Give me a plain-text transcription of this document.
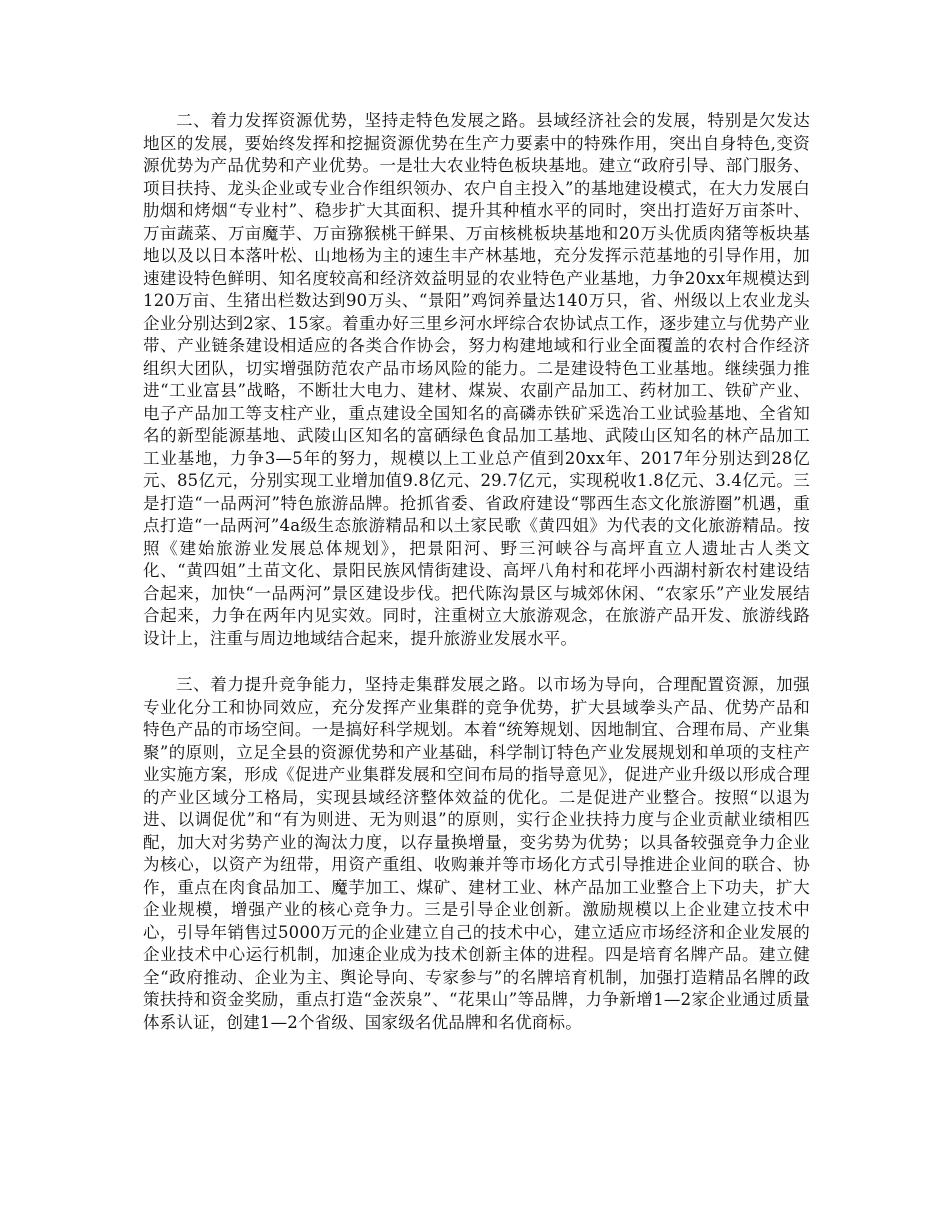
二、着力发挥资源优势，坚持走特色发展之路。县域经济社会的发展，特别是欠发达地区的发展，要始终发挥和挖掘资源优势在生产力要素中的特殊作用，突出自身特色,变资源优势为产品优势和产业优势。一是壮大农业特色板块基地。建立“政府引导、部门服务、项目扶持、龙头企业或专业合作组织领办、农户自主投入”的基地建设模式，在大力发展白肋烟和烤烟“专业村”、稳步扩大其面积、提升其种植水平的同时，突出打造好万亩茶叶、万亩蔬菜、万亩魔芋、万亩猕猴桃干鲜果、万亩核桃板块基地和20万头优质肉猪等板块基地以及以日本落叶松、山地杨为主的速生丰产林基地，充分发挥示范基地的引导作用，加速建设特色鲜明、知名度较高和经济效益明显的农业特色产业基地，力争20xx年规模达到120万亩、生猪出栏数达到90万头、“景阳”鸡饲养量达140万只，省、州级以上农业龙头企业分别达到2家、15家。着重办好三里乡河水坪综合农协试点工作，逐步建立与优势产业带、产业链条建设相适应的各类合作协会，努力构建地域和行业全面覆盖的农村合作经济组织大团队，切实增强防范农产品市场风险的能力。二是建设特色工业基地。继续强力推进“工业富县”战略，不断壮大电力、建材、煤炭、农副产品加工、药材加工、铁矿产业、电子产品加工等支柱产业，重点建设全国知名的高磷赤铁矿采选冶工业试验基地、全省知名的新型能源基地、武陵山区知名的富硒绿色食品加工基地、武陵山区知名的林产品加工工业基地，力争3—5年的努力，规模以上工业总产值到20xx年、2017年分别达到28亿元、85亿元，分别实现工业增加值9.8亿元、29.7亿元，实现税收1.8亿元、3.4亿元。三是打造“一品两河”特色旅游品牌。抢抓省委、省政府建设“鄂西生态文化旅游圈”机遇，重点打造“一品两河”4a级生态旅游精品和以土家民歌《黄四姐》为代表的文化旅游精品。按照《建始旅游业发展总体规划》，把景阳河、野三河峡谷与高坪直立人遗址古人类文化、“黄四姐”土苗文化、景阳民族风情街建设、高坪八角村和花坪小西湖村新农村建设结合起来，加快“一品两河”景区建设步伐。把代陈沟景区与城郊休闲、“农家乐”产业发展结合起来，力争在两年内见实效。同时，注重树立大旅游观念，在旅游产品开发、旅游线路设计上，注重与周边地域结合起来，提升旅游业发展水平。

三、着力提升竞争能力，坚持走集群发展之路。以市场为导向，合理配置资源，加强专业化分工和协同效应，充分发挥产业集群的竞争优势，扩大县域拳头产品、优势产品和特色产品的市场空间。一是搞好科学规划。本着“统筹规划、因地制宜、合理布局、产业集聚”的原则，立足全县的资源优势和产业基础，科学制订特色产业发展规划和单项的支柱产业实施方案，形成《促进产业集群发展和空间布局的指导意见》，促进产业升级以形成合理的产业区域分工格局，实现县域经济整体效益的优化。二是促进产业整合。按照“以退为进、以调促优”和“有为则进、无为则退”的原则，实行企业扶持力度与企业贡献业绩相匹配，加大对劣势产业的淘汰力度，以存量换增量，变劣势为优势；以具备较强竞争力企业为核心，以资产为纽带，用资产重组、收购兼并等市场化方式引导推进企业间的联合、协作，重点在肉食品加工、魔芋加工、煤矿、建材工业、林产品加工业整合上下功夫，扩大企业规模，增强产业的核心竞争力。三是引导企业创新。激励规模以上企业建立技术中心，引导年销售过5000万元的企业建立自己的技术中心，建立适应市场经济和企业发展的企业技术中心运行机制，加速企业成为技术创新主体的进程。四是培育名牌产品。建立健全“政府推动、企业为主、舆论导向、专家参与”的名牌培育机制，加强打造精品名牌的政策扶持和资金奖励，重点打造“金茨泉”、“花果山”等品牌，力争新增1—2家企业通过质量体系认证，创建1—2个省级、国家级名优品牌和名优商标。
